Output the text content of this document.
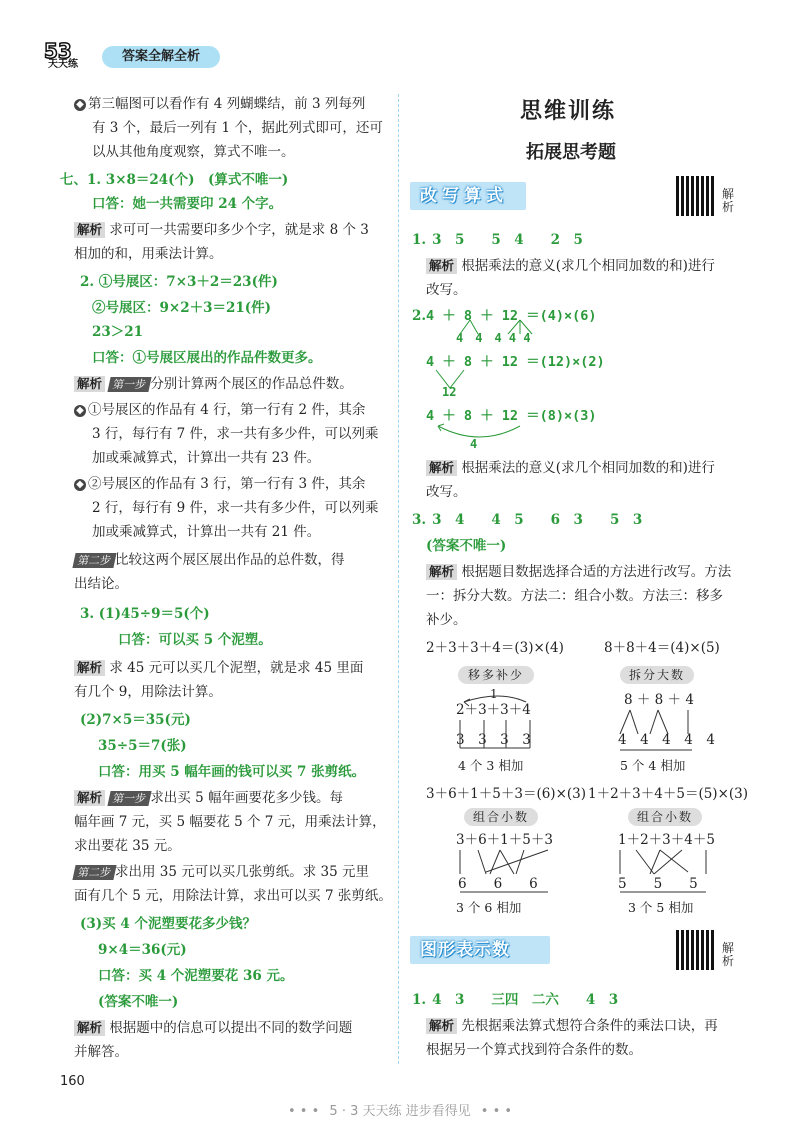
53
天天练
答案全解全析
◆ 第三幅图可以看作有 4 列蝴蝶结，前 3 列每列
有 3 个，最后一列有 1 个，据此列式即可，还可
以从其他角度观察，算式不唯一。
七、1. 3×8＝24(个)　(算式不唯一)
口答：她一共需要印 24 个字。
解析 求可可一共需要印多少个字，就是求 8 个 3
相加的和，用乘法计算。
2. ①号展区：7×3＋2＝23(件)
②号展区：9×2＋3＝21(件)
23＞21
口答：①号展区展出的作品件数更多。
解析 第一步 分别计算两个展区的作品总件数。
◆ ①号展区的作品有 4 行，第一行有 2 件，其余
3 行，每行有 7 件，求一共有多少件，可以列乘
加或乘减算式，计算出一共有 23 件。
◆ ②号展区的作品有 3 行，第一行有 3 件，其余
2 行，每行有 9 件，求一共有多少件，可以列乘
加或乘减算式，计算出一共有 21 件。
第二步 比较这两个展区展出作品的总件数，得
出结论。
3. (1)45÷9＝5(个)
口答：可以买 5 个泥塑。
解析 求 45 元可以买几个泥塑，就是求 45 里面
有几个 9，用除法计算。
(2)7×5＝35(元)
35÷5＝7(张)
口答：用买 5 幅年画的钱可以买 7 张剪纸。
解析 第一步 求出买 5 幅年画要花多少钱。每
幅年画 7 元，买 5 幅要花 5 个 7 元，用乘法计算，
求出要花 35 元。
第二步 求出用 35 元可以买几张剪纸。求 35 元里
面有几个 5 元，用除法计算，求出可以买 7 张剪纸。
(3)买 4 个泥塑要花多少钱？
9×4＝36(元)
口答：买 4 个泥塑要花 36 元。
(答案不唯一)
解析 根据题中的信息可以提出不同的数学问题
并解答。
思维训练
拓展思考题
改写算式	解
析
1. 3　5　　5　4　　2　5
解析 根据乘法的意义(求几个相同加数的和)进行
改写。
2. 4 ＋ 8 ＋ 12 ＝(4)×(6)
4　4　4 4 4
4 ＋ 8 ＋ 12 ＝(12)×(2)
12
4 ＋ 8 ＋ 12 ＝(8)×(3)
4
解析 根据乘法的意义(求几个相同加数的和)进行
改写。
3. 3　4　　4　5　　6　3　　5　3
(答案不唯一)
解析 根据题目数据选择合适的方法进行改写。方法
一：拆分大数。方法二：组合小数。方法三：移多
补少。
2＋3＋3＋4＝(3)×(4)	8＋8＋4＝(4)×(5)
移多补少	拆分大数
1
2＋3＋3＋4
3　3　3　3
4 个 3 相加
8 ＋ 8 ＋ 4
4　4　4　4　4
5 个 4 相加
3＋6＋1＋5＋3＝(6)×(3) 1＋2＋3＋4＋5＝(5)×(3)
组合小数	组合小数
3＋6＋1＋5＋3
6　　6　　6
3 个 6 相加
1＋2＋3＋4＋5
5　　5　　5
3 个 5 相加
图形表示数	解
析
1. 4　3　　三四　二六　　4　3
解析 先根据乘法算式想符合条件的乘法口诀，再
根据另一个算式找到符合条件的数。
160
• • • 5 · 3 天天练 进步看得见 • • •
